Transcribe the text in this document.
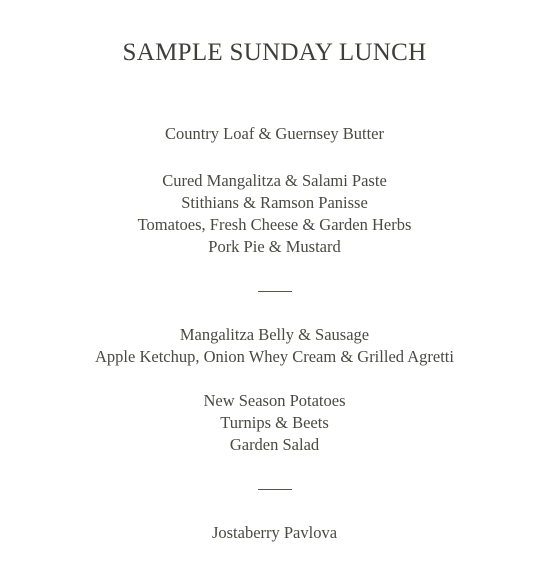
SAMPLE SUNDAY LUNCH
Country Loaf & Guernsey Butter
Cured Mangalitza & Salami Paste
Stithians & Ramson Panisse
Tomatoes, Fresh Cheese & Garden Herbs
Pork Pie & Mustard
Mangalitza Belly & Sausage
Apple Ketchup, Onion Whey Cream & Grilled Agretti
New Season Potatoes
Turnips & Beets
Garden Salad
Jostaberry Pavlova
